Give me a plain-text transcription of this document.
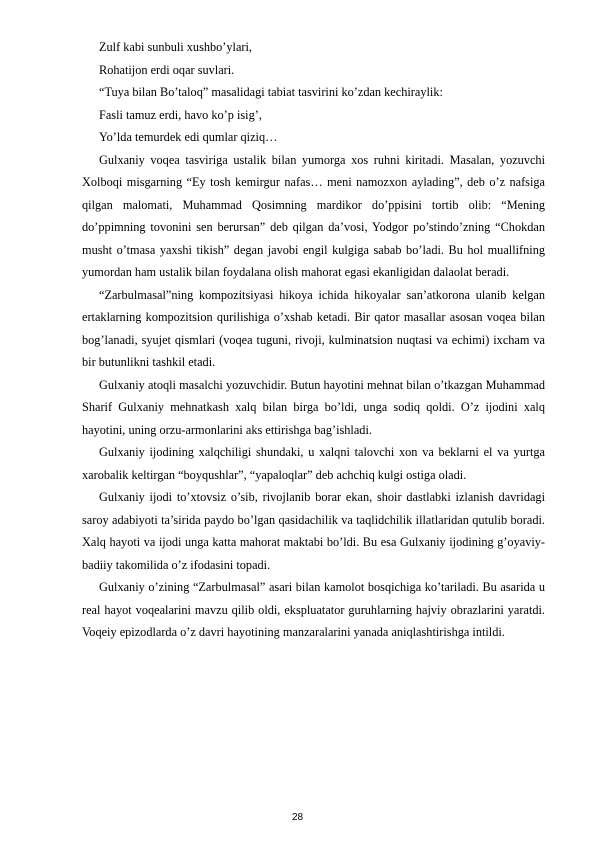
Zulf kabi sunbuli xushbo’ylari,

Rohatijon erdi oqar suvlari.

“Tuya bilan Bo’taloq” masalidagi tabiat tasvirini ko’zdan kechiraylik:

Fasli tamuz erdi, havo ko’p isig’,

Yo’lda temurdek edi qumlar qiziq…

Gulxaniy voqea tasviriga ustalik bilan yumorga xos ruhni kiritadi. Masalan, yozuvchi Xolboqi misgarning “Ey tosh kemirgur nafas… meni namozxon aylading”, deb o’z nafsiga qilgan malomati, Muhammad Qosimning mardikor do’ppisini tortib olib: “Mening do’ppimning tovonini sen berursan” deb qilgan da’vosi, Yodgor po’stindo’zning “Chokdan musht o’tmasa yaxshi tikish” degan javobi engil kulgiga sabab bo’ladi. Bu hol muallifning yumordan ham ustalik bilan foydalana olish mahorat egasi ekanligidan dalaolat beradi.

“Zarbulmasal”ning kompozitsiyasi hikoya ichida hikoyalar san’atkorona ulanib kelgan ertaklarning kompozitsion qurilishiga o’xshab ketadi. Bir qator masallar asosan voqea bilan bog’lanadi, syujet qismlari (voqea tuguni, rivoji, kulminatsion nuqtasi va echimi) ixcham va bir butunlikni tashkil etadi.

Gulxaniy atoqli masalchi yozuvchidir. Butun hayotini mehnat bilan o’tkazgan Muhammad Sharif Gulxaniy mehnatkash xalq bilan birga bo’ldi, unga sodiq qoldi. O’z ijodini xalq hayotini, uning orzu-armonlarini aks ettirishga bag’ishladi.

Gulxaniy ijodining xalqchiligi shundaki, u xalqni talovchi xon va beklarni el va yurtga xarobalik keltirgan “boyqushlar”, “yapaloqlar” deb achchiq kulgi ostiga oladi.

Gulxaniy ijodi to’xtovsiz o’sib, rivojlanib borar ekan, shoir dastlabki izlanish davridagi saroy adabiyoti ta’sirida paydo bo’lgan qasidachilik va taqlidchilik illatlaridan qutulib boradi. Xalq hayoti va ijodi unga katta mahorat maktabi bo’ldi. Bu esa Gulxaniy ijodining g’oyaviy-badiiy takomilida o’z ifodasini topadi.

Gulxaniy o’zining “Zarbulmasal” asari bilan kamolot bosqichiga ko’tariladi. Bu asarida u real hayot voqealarini mavzu qilib oldi, ekspluatator guruhlarning hajviy obrazlarini yaratdi. Voqeiy epizodlarda o’z davri hayotining manzaralarini yanada aniqlashtirishga intildi.

28
